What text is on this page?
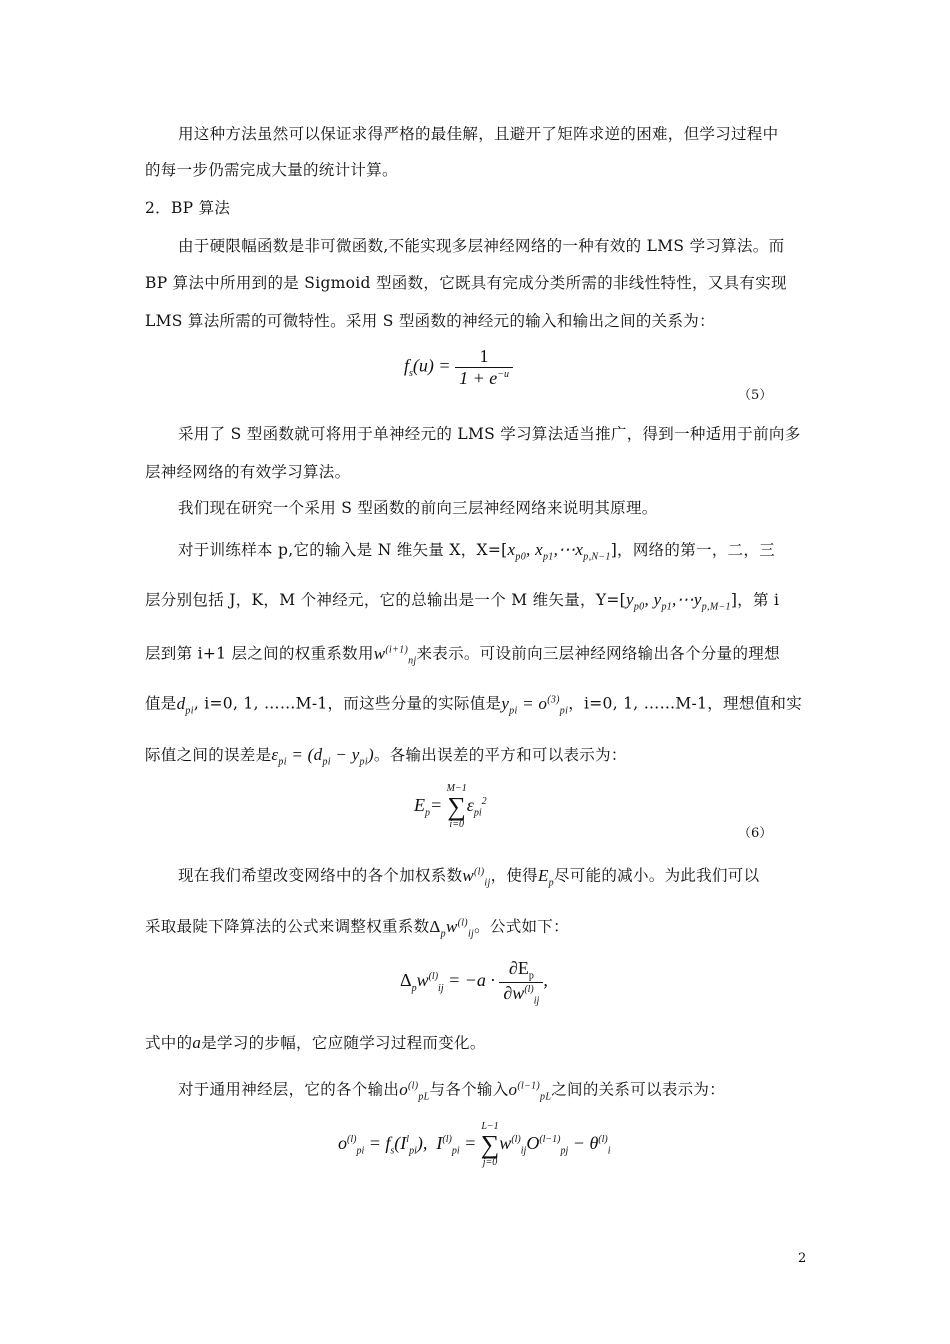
用这种方法虽然可以保证求得严格的最佳解，且避开了矩阵求逆的困难，但学习过程中
的每一步仍需完成大量的统计计算。
2．BP 算法
由于硬限幅函数是非可微函数,不能实现多层神经网络的一种有效的 LMS 学习算法。而
BP 算法中所用到的是 Sigmoid 型函数，它既具有完成分类所需的非线性特性，又具有实现
LMS 算法所需的可微特性。采用 S 型函数的神经元的输入和输出之间的关系为：
$f_s(u) = \frac{1}{1 + e^{-u}}$
（5）
采用了 S 型函数就可将用于单神经元的 LMS 学习算法适当推广，得到一种适用于前向多
层神经网络的有效学习算法。
我们现在研究一个采用 S 型函数的前向三层神经网络来说明其原理。
对于训练样本 p,它的输入是 N 维矢量 X，$X=[x_{p0}$, $x_{p1},\cdots x_{p,N-1}$]，网络的第一，二，三
层分别包括 J，K，M 个神经元，它的总输出是一个 M 维矢量，$Y=[y_{p0}$, $y_{p1},\cdots y_{p,M-1}$]，第 i
层到第 i+1 层之间的权重系数用$w^{(i+1)}_{nj}$来表示。可设前向三层神经网络输出各个分量的理想
值是$d_{pi}$, i=0, 1, ……M-1，而这些分量的实际值是$y_{pi} = o^{(3)}_{pi}$，i=0, 1, ……M-1，理想值和实
际值之间的误差是$\varepsilon_{pi} = (d_{pi} - y_{pi})$。各输出误差的平方和可以表示为：
$E_p=$
M−1
∑
i=0
$\varepsilon_{pi}^2$
（6）
现在我们希望改变网络中的各个加权系数$w^{(l)}_{ij}$，使得$E_p$尽可能的减小。为此我们可以
采取最陡下降算法的公式来调整权重系数$\Delta_pw^{(l)}_{ij}$。公式如下：
$\Delta_pw^{(l)}_{ij} = -a \cdot \frac{\partial E_p}{\partial w^{(l)}_{ij}}$ ,
式中的a是学习的步幅，它应随学习过程而变化。
对于通用神经层，它的各个输出$o^{(l)}_{pL}$与各个输入$o^{(l-1)}_{pL}$之间的关系可以表示为：
$o^{(l)}_{pi} = f_s(I^l_{pi})$,  $I^{(l)}_{pi}$ =
L−1
∑
j=0
$w^{(l)}_{ij}O^{(l-1)}_{pj} - \theta^{(l)}_i$
2
